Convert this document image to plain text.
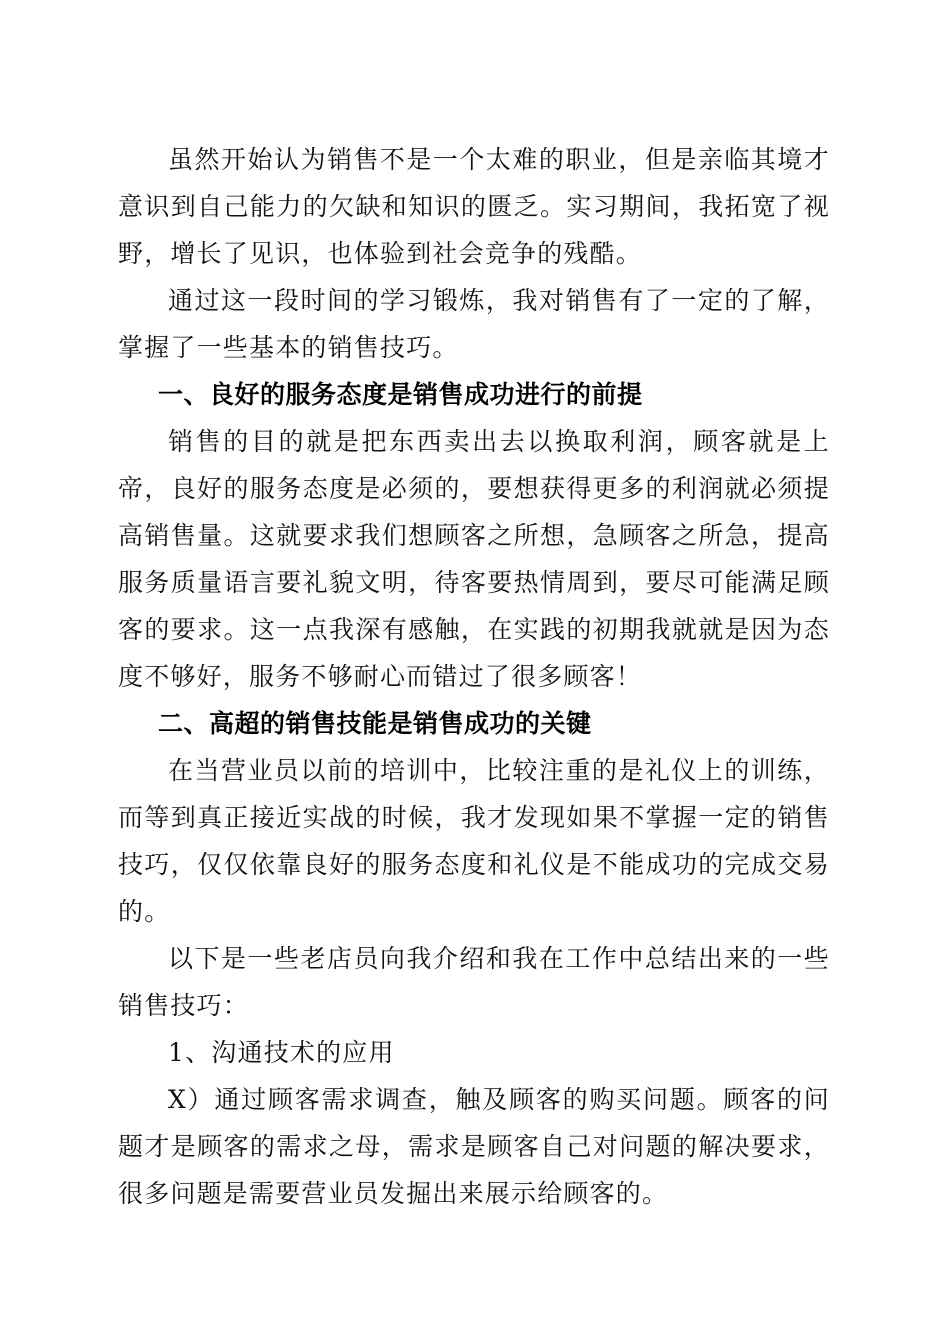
虽然开始认为销售不是一个太难的职业，但是亲临其境才意识到自己能力的欠缺和知识的匮乏。实习期间，我拓宽了视野，增长了见识，也体验到社会竞争的残酷。

通过这一段时间的学习锻炼，我对销售有了一定的了解，掌握了一些基本的销售技巧。

一、良好的服务态度是销售成功进行的前提

销售的目的就是把东西卖出去以换取利润，顾客就是上帝，良好的服务态度是必须的，要想获得更多的利润就必须提高销售量。这就要求我们想顾客之所想，急顾客之所急，提高服务质量语言要礼貌文明，待客要热情周到，要尽可能满足顾客的要求。这一点我深有感触，在实践的初期我就就是因为态度不够好，服务不够耐心而错过了很多顾客！

二、高超的销售技能是销售成功的关键

在当营业员以前的培训中，比较注重的是礼仪上的训练，而等到真正接近实战的时候，我才发现如果不掌握一定的销售技巧，仅仅依靠良好的服务态度和礼仪是不能成功的完成交易的。

以下是一些老店员向我介绍和我在工作中总结出来的一些销售技巧：

1、沟通技术的应用

X）通过顾客需求调查，触及顾客的购买问题。顾客的问题才是顾客的需求之母，需求是顾客自己对问题的解决要求，很多问题是需要营业员发掘出来展示给顾客的。
